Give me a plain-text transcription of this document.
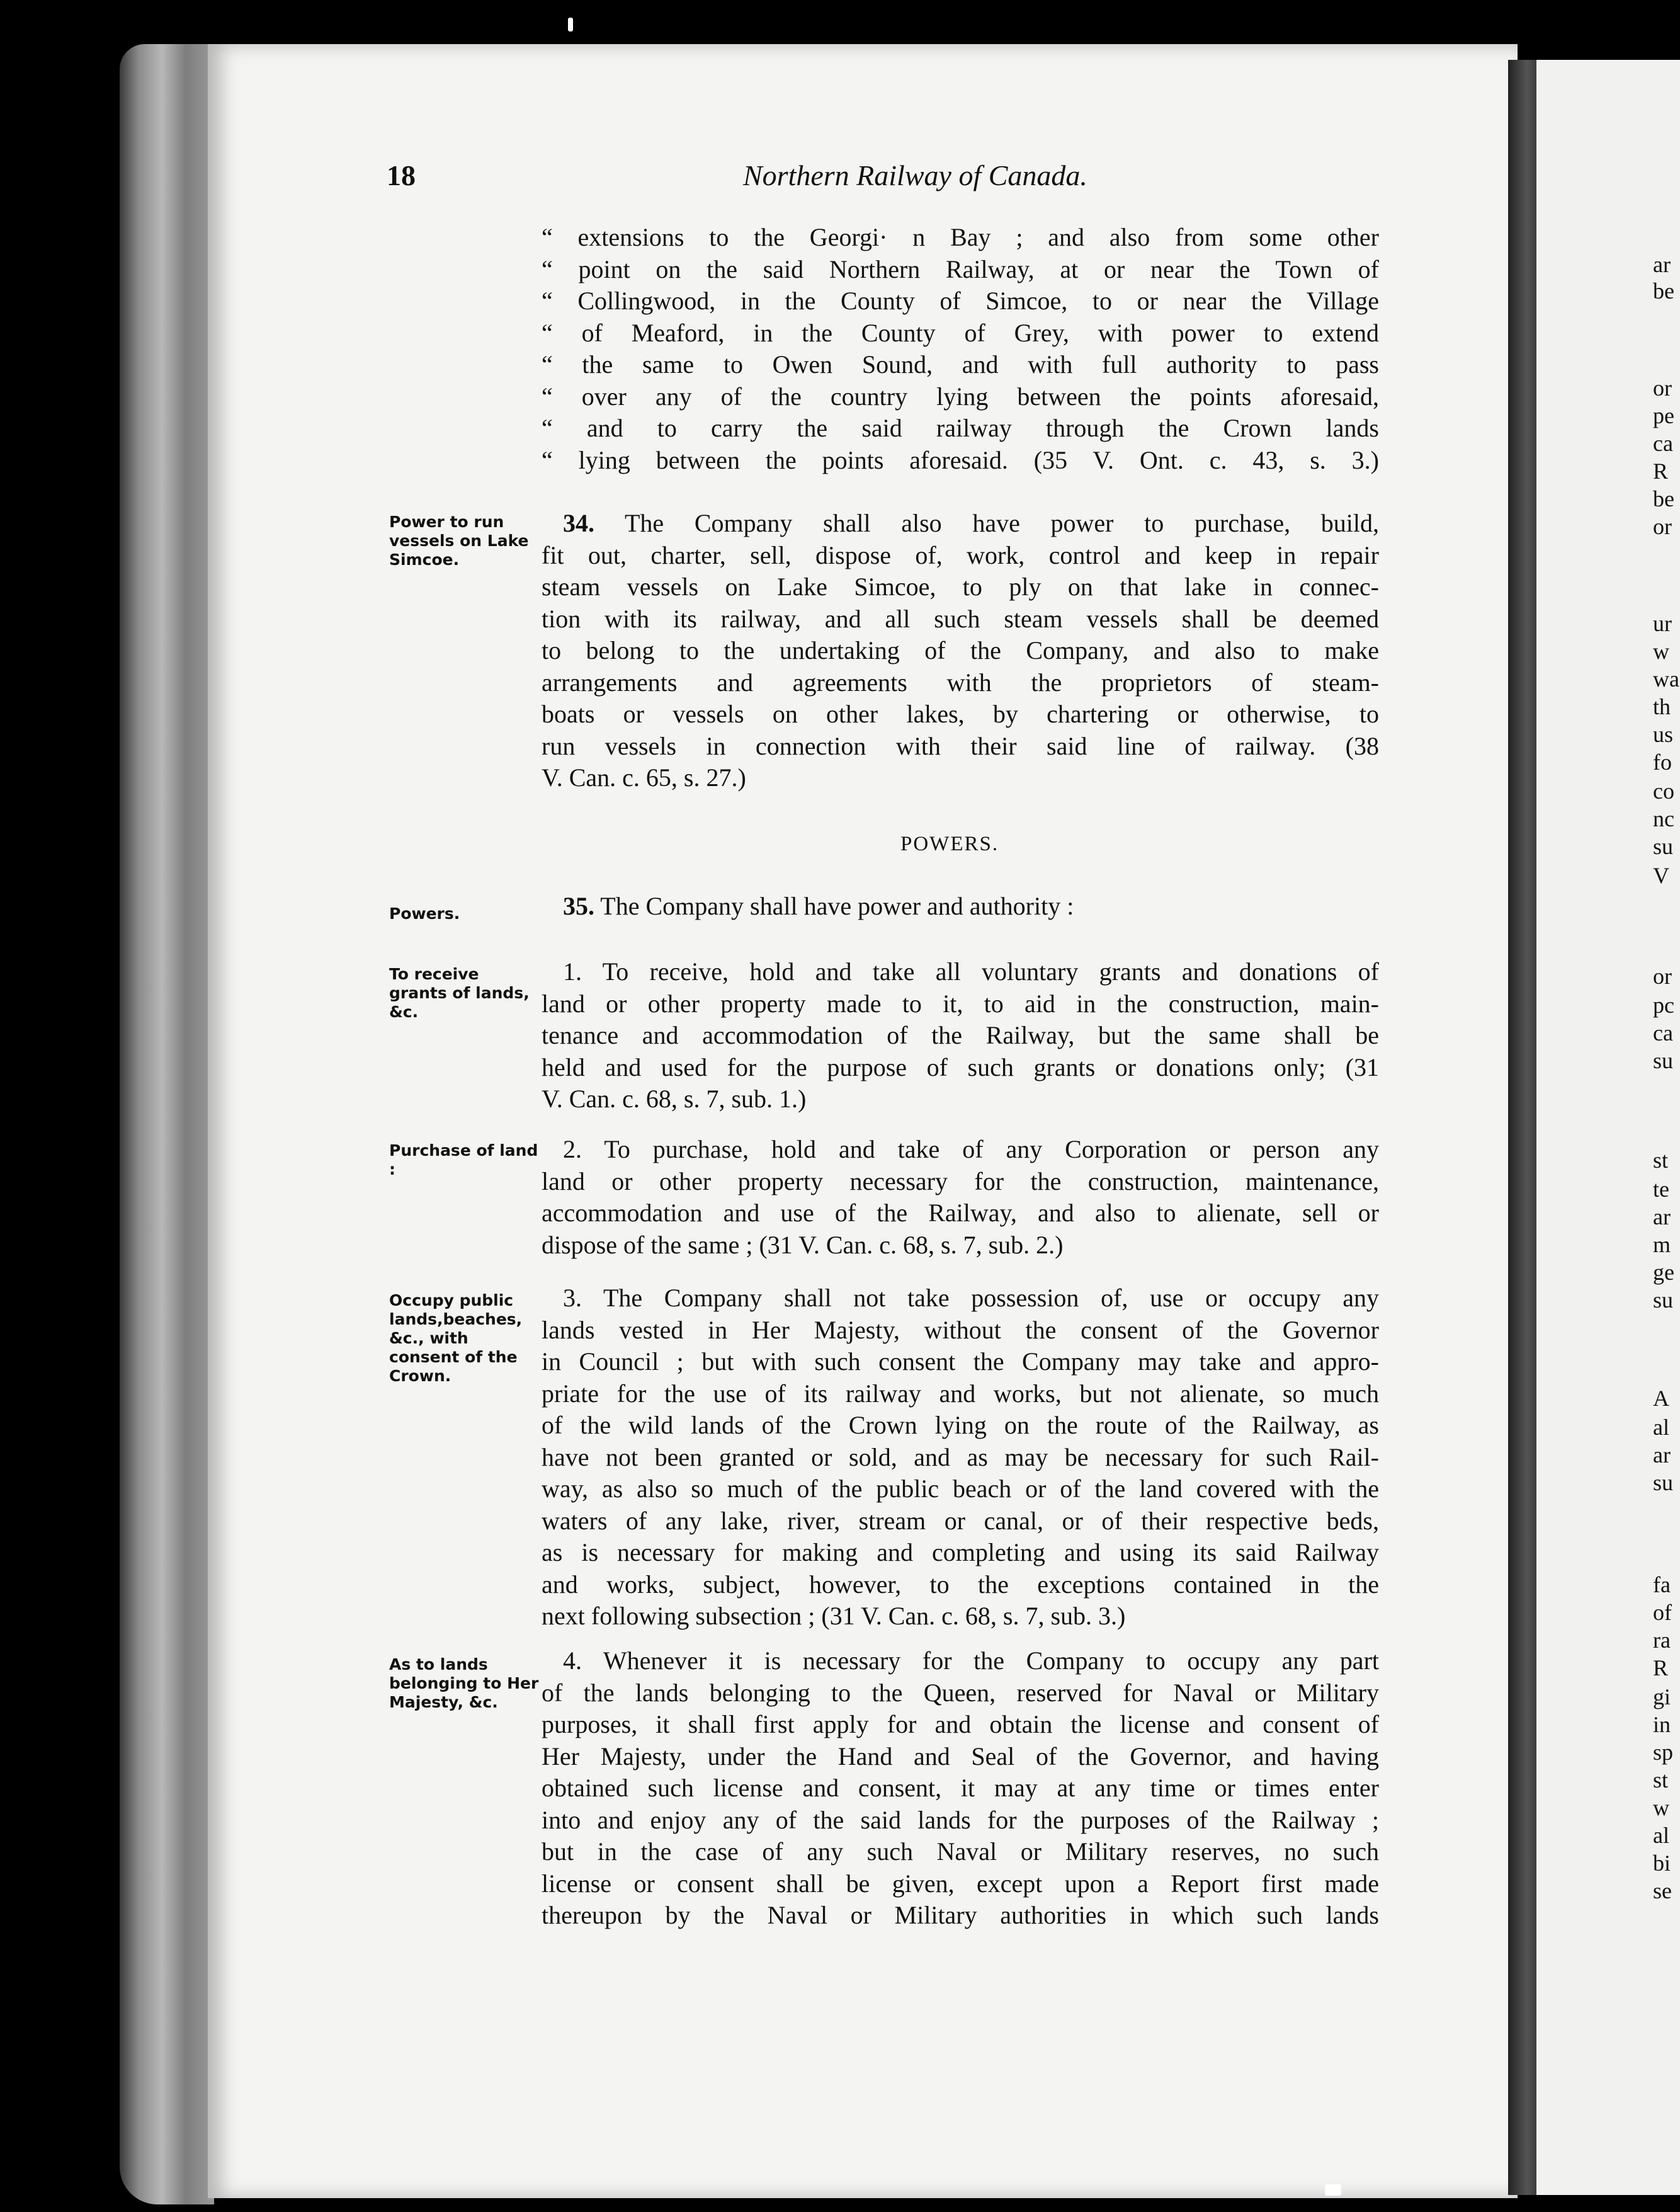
18	Northern Railway of Canada.
“ extensions to the Georgi· n Bay ; and also from some other
“ point on the said Northern Railway, at or near the Town of
“ Collingwood, in the County of Simcoe, to or near the Village
“ of Meaford, in the County of Grey, with power to extend
“ the same to Owen Sound, and with full authority to pass
“ over any of the country lying between the points aforesaid,
“ and to carry the said railway through the Crown lands
“ lying between the points aforesaid. (35 V. Ont. c. 43, s. 3.)
Power to run vessels on Lake Simcoe.
34. The Company shall also have power to purchase, build,
fit out, charter, sell, dispose of, work, control and keep in repair
steam vessels on Lake Simcoe, to ply on that lake in connec-
tion with its railway, and all such steam vessels shall be deemed
to belong to the undertaking of the Company, and also to make
arrangements and agreements with the proprietors of steam-
boats or vessels on other lakes, by chartering or otherwise, to
run vessels in connection with their said line of railway. (38
V. Can. c. 65, s. 27.)
POWERS.
Powers.	35. The Company shall have power and authority :
To receive grants of lands, &c.
1. To receive, hold and take all voluntary grants and donations of
land or other property made to it, to aid in the construction, main-
tenance and accommodation of the Railway, but the same shall be
held and used for the purpose of such grants or donations only; (31
V. Can. c. 68, s. 7, sub. 1.)
Purchase of land :
2. To purchase, hold and take of any Corporation or person any
land or other property necessary for the construction, maintenance,
accommodation and use of the Railway, and also to alienate, sell or
dispose of the same ; (31 V. Can. c. 68, s. 7, sub. 2.)
Occupy public lands,beaches, &c., with consent of the Crown.
3. The Company shall not take possession of, use or occupy any
lands vested in Her Majesty, without the consent of the Governor
in Council ; but with such consent the Company may take and appro-
priate for the use of its railway and works, but not alienate, so much
of the wild lands of the Crown lying on the route of the Railway, as
have not been granted or sold, and as may be necessary for such Rail-
way, as also so much of the public beach or of the land covered with the
waters of any lake, river, stream or canal, or of their respective beds,
as is necessary for making and completing and using its said Railway
and works, subject, however, to the exceptions contained in the
next following subsection ; (31 V. Can. c. 68, s. 7, sub. 3.)
As to lands belonging to Her Majesty, &c.
4. Whenever it is necessary for the Company to occupy any part
of the lands belonging to the Queen, reserved for Naval or Military
purposes, it shall first apply for and obtain the license and consent of
Her Majesty, under the Hand and Seal of the Governor, and having
obtained such license and consent, it may at any time or times enter
into and enjoy any of the said lands for the purposes of the Railway ;
but in the case of any such Naval or Military reserves, no such
license or consent shall be given, except upon a Report first made
thereupon by the Naval or Military authorities in which such lands
ar
be
or
pe
ca
R
be
or
ur
w
wa
th
us
fo
co
nc
su
V
or
pc
ca
su
st
te
ar
m
ge
su
A
al
ar
su
fa
of
ra
R
gi
in
sp
st
w
al
bi
se
